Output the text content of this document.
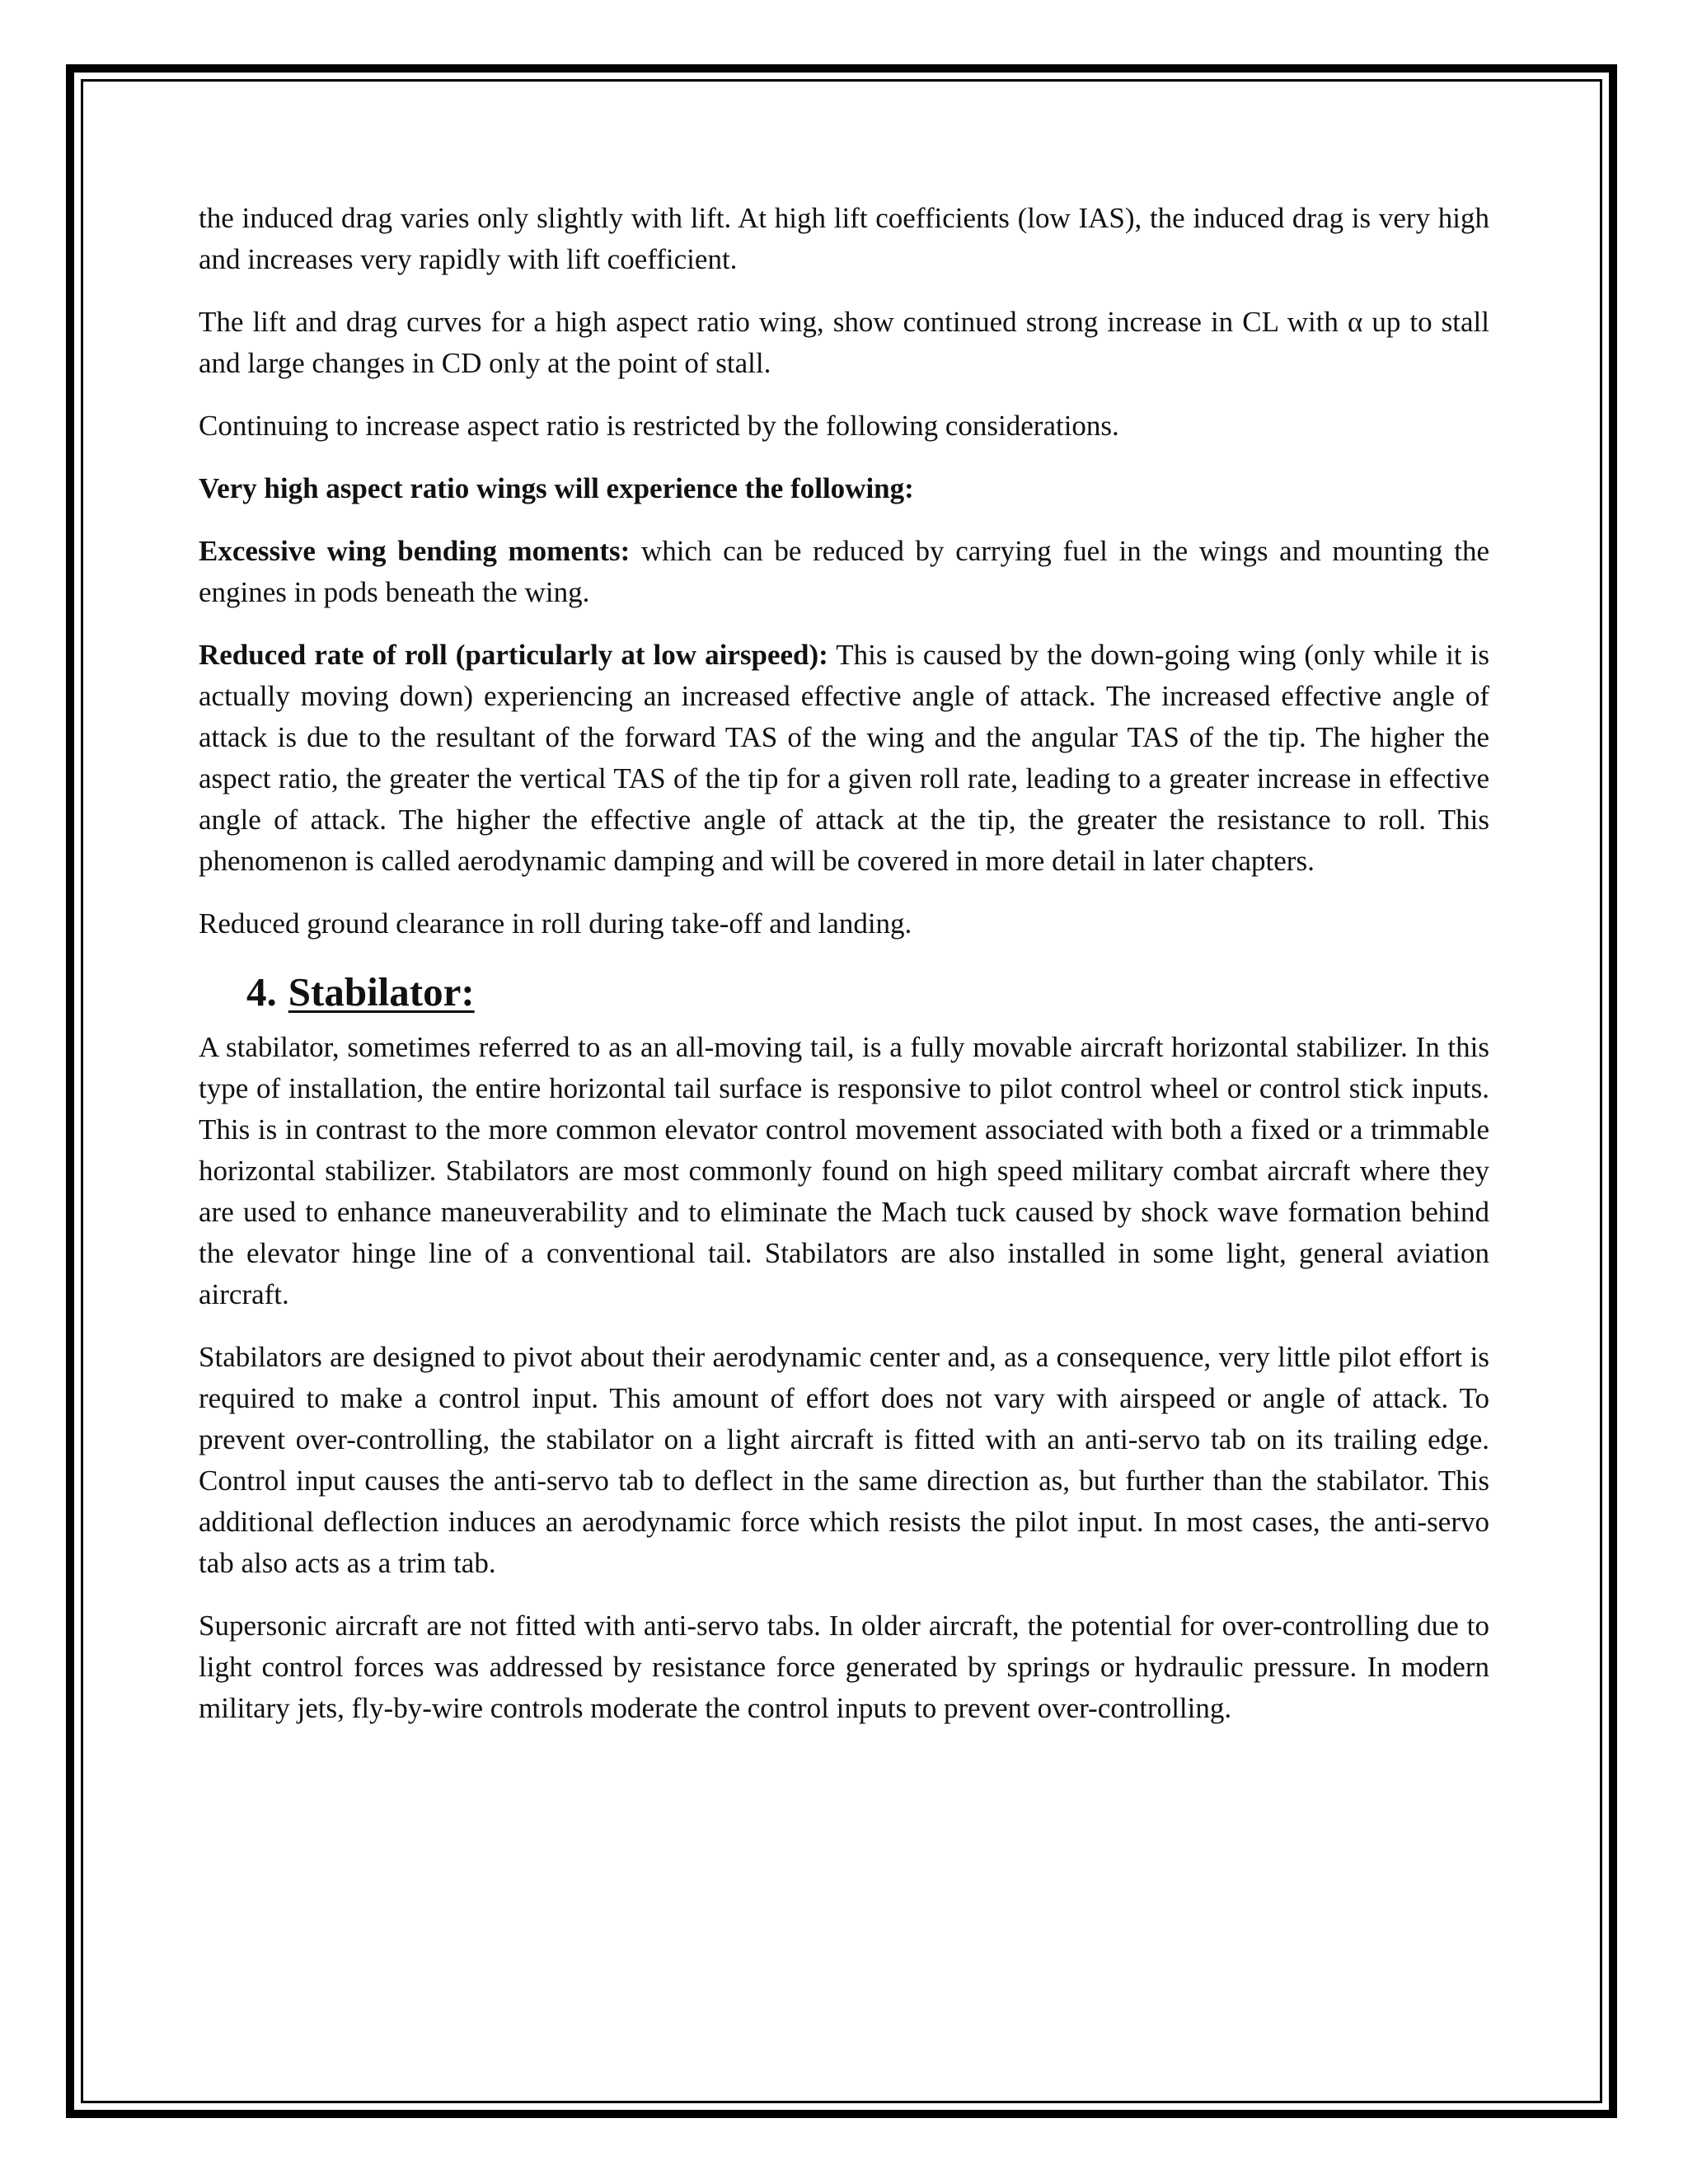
the induced drag varies only slightly with lift. At high lift coefficients (low IAS), the induced drag is very high and increases very rapidly with lift coefficient.

The lift and drag curves for a high aspect ratio wing, show continued strong increase in CL with α up to stall and large changes in CD only at the point of stall.

Continuing to increase aspect ratio is restricted by the following considerations.

Very high aspect ratio wings will experience the following:

Excessive wing bending moments: which can be reduced by carrying fuel in the wings and mounting the engines in pods beneath the wing.

Reduced rate of roll (particularly at low airspeed): This is caused by the down-going wing (only while it is actually moving down) experiencing an increased effective angle of attack. The increased effective angle of attack is due to the resultant of the forward TAS of the wing and the angular TAS of the tip. The higher the aspect ratio, the greater the vertical TAS of the tip for a given roll rate, leading to a greater increase in effective angle of attack. The higher the effective angle of attack at the tip, the greater the resistance to roll. This phenomenon is called aerodynamic damping and will be covered in more detail in later chapters.

Reduced ground clearance in roll during take-off and landing.

4. Stabilator:

A stabilator, sometimes referred to as an all-moving tail, is a fully movable aircraft horizontal stabilizer. In this type of installation, the entire horizontal tail surface is responsive to pilot control wheel or control stick inputs. This is in contrast to the more common elevator control movement associated with both a fixed or a trimmable horizontal stabilizer. Stabilators are most commonly found on high speed military combat aircraft where they are used to enhance maneuverability and to eliminate the Mach tuck caused by shock wave formation behind the elevator hinge line of a conventional tail. Stabilators are also installed in some light, general aviation aircraft.

Stabilators are designed to pivot about their aerodynamic center and, as a consequence, very little pilot effort is required to make a control input. This amount of effort does not vary with airspeed or angle of attack. To prevent over-controlling, the stabilator on a light aircraft is fitted with an anti-servo tab on its trailing edge. Control input causes the anti-servo tab to deflect in the same direction as, but further than the stabilator. This additional deflection induces an aerodynamic force which resists the pilot input. In most cases, the anti-servo tab also acts as a trim tab.

Supersonic aircraft are not fitted with anti-servo tabs. In older aircraft, the potential for over-controlling due to light control forces was addressed by resistance force generated by springs or hydraulic pressure. In modern military jets, fly-by-wire controls moderate the control inputs to prevent over-controlling.
